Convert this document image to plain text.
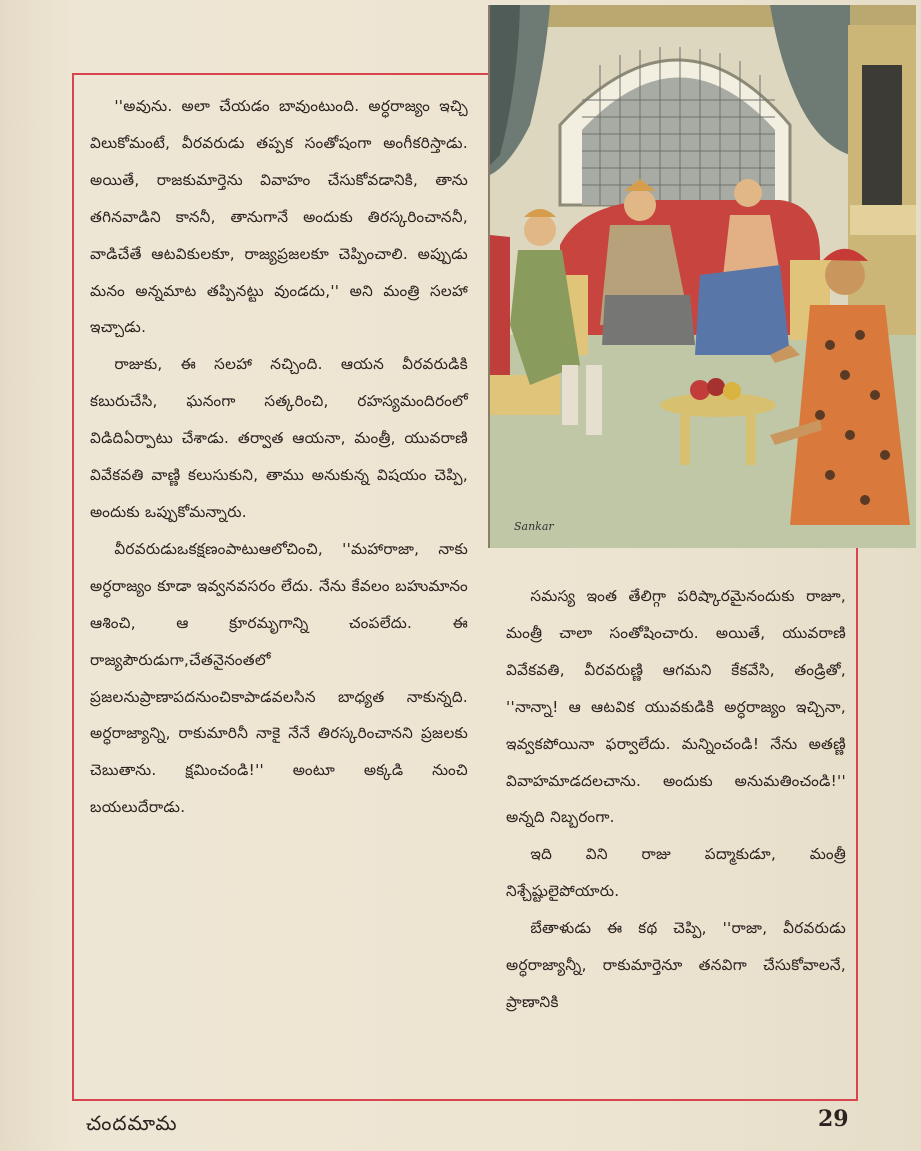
Sankar

''అవును. అలా చేయడం బావుంటుంది. అర్ధరాజ్యం ఇచ్చి విలుకోమంటే, వీరవరుడు తప్పక సంతోషంగా అంగీకరిస్తాడు. అయితే, రాజకుమార్తెను వివాహం చేసుకోవడానికి, తాను తగినవాడిని కాననీ, తానుగానే అందుకు తిరస్కరించాననీ, వాడిచేతే ఆటవికులకూ, రాజ్యప్రజలకూ చెప్పించాలి. అప్పుడు మనం అన్నమాట తప్పినట్టు వుండదు,'' అని మంత్రి సలహా ఇచ్చాడు.

రాజుకు, ఈ సలహా నచ్చింది. ఆయన వీరవరుడికి కబురుచేసి, ఘనంగా సత్కరించి, రహస్యమందిరంలో విడిదిఏర్పాటు చేశాడు. తర్వాత ఆయనా, మంత్రీ, యువరాణి వివేకవతి వాణ్ణి కలుసుకుని, తాము అనుకున్న విషయం చెప్పి, అందుకు ఒప్పుకోమన్నారు.

వీరవరుడుఒకక్షణంపాటుఆలోచించి, ''మహారాజా, నాకు అర్ధరాజ్యం కూడా ఇవ్వనవసరం లేదు. నేను కేవలం బహుమానం ఆశించి, ఆ క్రూరమృగాన్ని చంపలేదు. ఈ రాజ్యపౌరుడుగా,చేతనైనంతలో ప్రజలనుప్రాణాపదనుంచికాపాడవలసిన బాధ్యత నాకున్నది. అర్ధరాజ్యాన్ని, రాకుమారినీ నాకై నేనే తిరస్కరించానని ప్రజలకు చెబుతాను. క్షమించండి!'' అంటూ అక్కడి నుంచి బయలుదేరాడు.

సమస్య ఇంత తేలిగ్గా పరిష్కారమైనందుకు రాజూ, మంత్రీ చాలా సంతోషించారు. అయితే, యువరాణి వివేకవతి, వీరవరుణ్ణి ఆగమని కేకవేసి, తండ్రితో, ''నాన్నా! ఆ ఆటవిక యువకుడికి అర్ధరాజ్యం ఇచ్చినా, ఇవ్వకపోయినా ఫర్వాలేదు. మన్నించండి! నేను అతణ్ణి వివాహమాడదలచాను. అందుకు అనుమతించండి!'' అన్నది నిబ్బరంగా.

ఇది విని రాజు పద్మాకుడూ, మంత్రీ నిశ్చేష్టులైపోయారు.

బేతాళుడు ఈ కథ చెప్పి, ''రాజా, వీరవరుడు అర్ధరాజ్యాన్నీ, రాకుమార్తెనూ తనవిగా చేసుకోవాలనే, ప్రాణానికి

చందమామ	29
